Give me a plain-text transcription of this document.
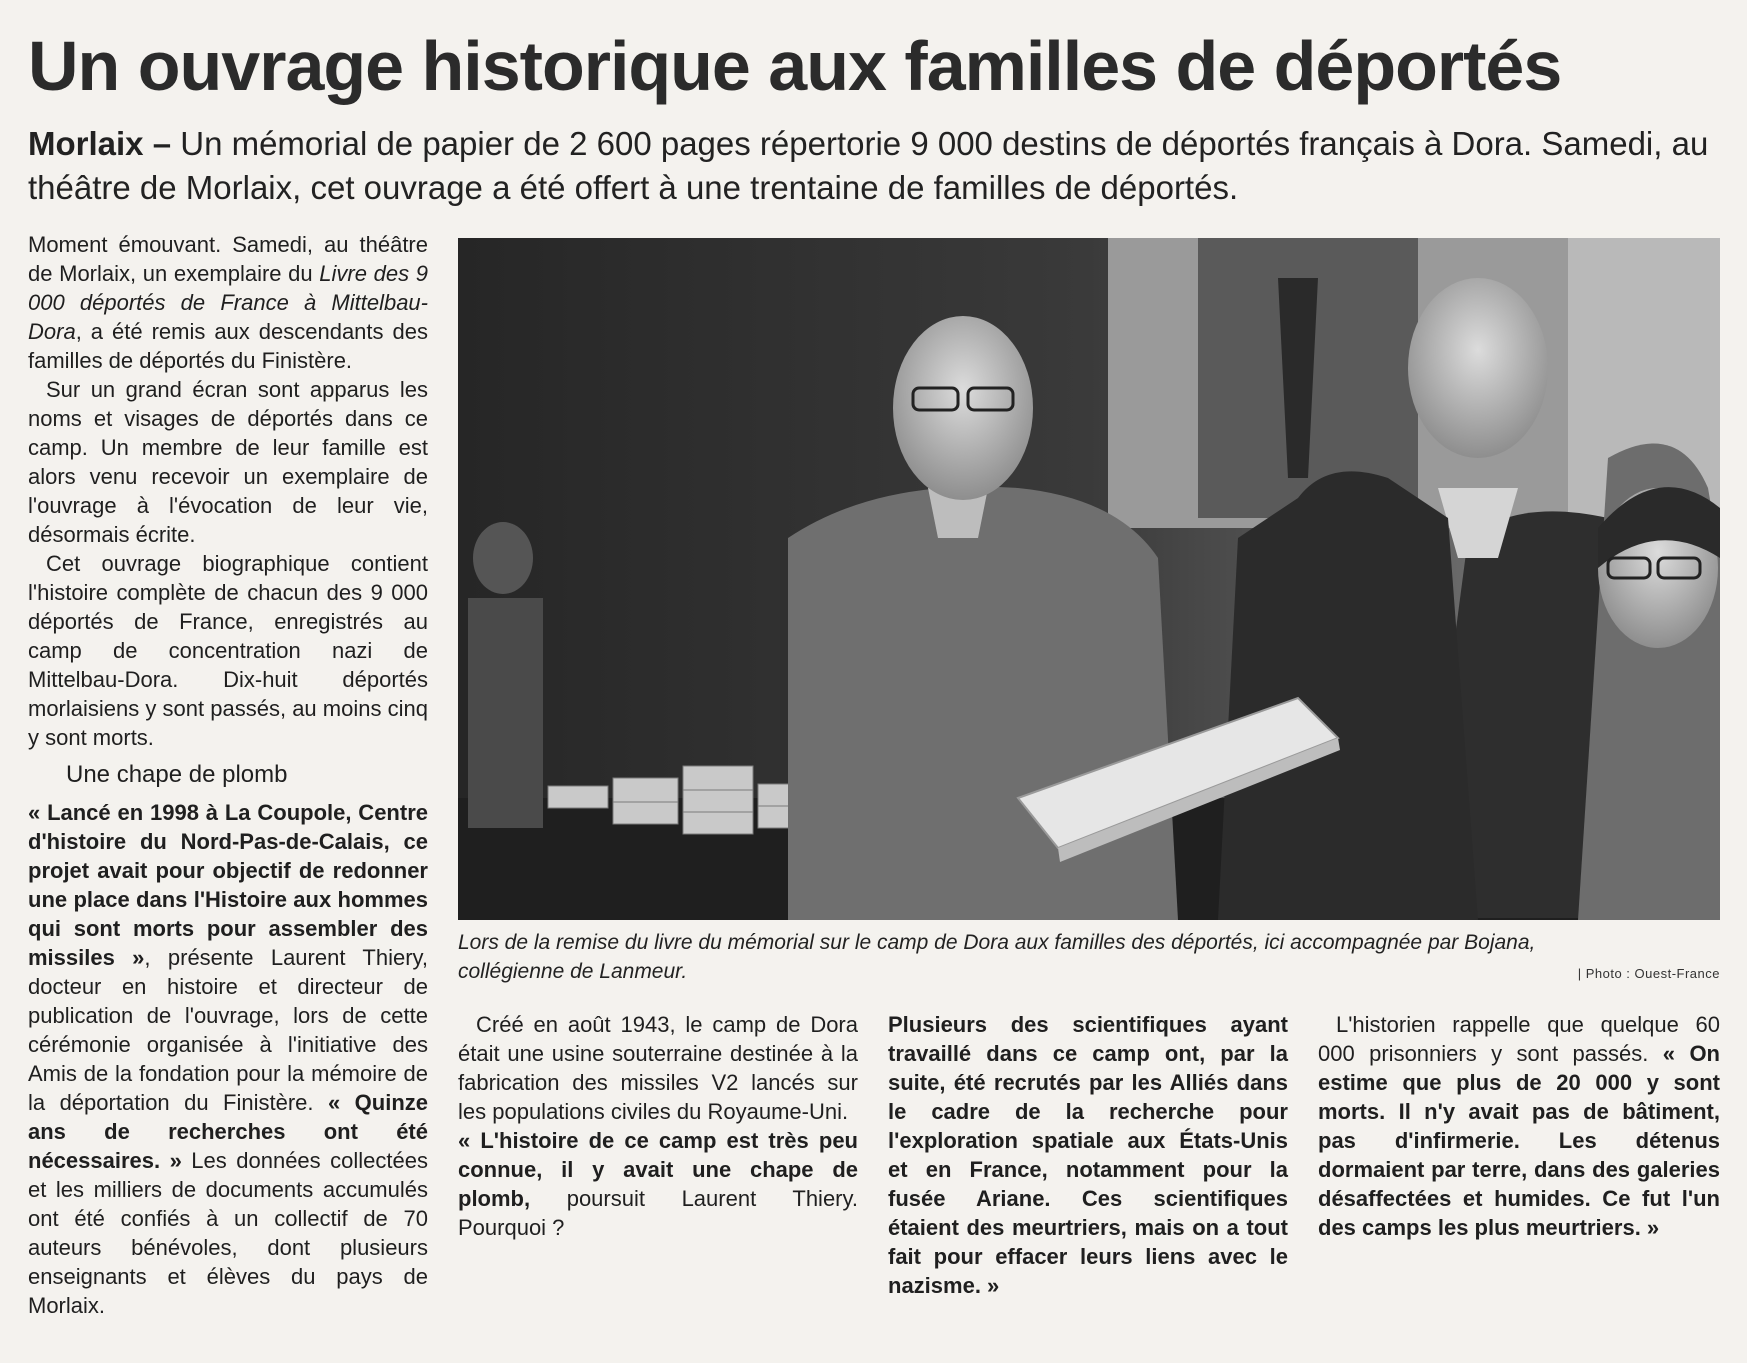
Un ouvrage historique aux familles de déportés

Morlaix – Un mémorial de papier de 2 600 pages répertorie 9 000 destins de déportés français à Dora. Samedi, au théâtre de Morlaix, cet ouvrage a été offert à une trentaine de familles de déportés.

Moment émouvant. Samedi, au théâtre de Morlaix, un exemplaire du Livre des 9 000 déportés de France à Mittelbau-Dora, a été remis aux descendants des familles de déportés du Finistère.

Sur un grand écran sont apparus les noms et visages de déportés dans ce camp. Un membre de leur famille est alors venu recevoir un exemplaire de l'ouvrage à l'évocation de leur vie, désormais écrite.

Cet ouvrage biographique contient l'histoire complète de chacun des 9 000 déportés de France, enregistrés au camp de concentration nazi de Mittelbau-Dora. Dix-huit déportés morlaisiens y sont passés, au moins cinq y sont morts.

Une chape de plomb

« Lancé en 1998 à La Coupole, Centre d'histoire du Nord-Pas-de-Calais, ce projet avait pour objectif de redonner une place dans l'Histoire aux hommes qui sont morts pour assembler des missiles », présente Laurent Thiery, docteur en histoire et directeur de publication de l'ouvrage, lors de cette cérémonie organisée à l'initiative des Amis de la fondation pour la mémoire de la déportation du Finistère. « Quinze ans de recherches ont été nécessaires. » Les données collectées et les milliers de documents accumulés ont été confiés à un collectif de 70 auteurs bénévoles, dont plusieurs enseignants et élèves du pays de Morlaix.

Lors de la remise du livre du mémorial sur le camp de Dora aux familles des déportés, ici accompagnée par Bojana, collégienne de Lanmeur.
|	Photo : Ouest-France

Créé en août 1943, le camp de Dora était une usine souterraine destinée à la fabrication des missiles V2 lancés sur les populations civiles du Royaume-Uni.

« L'histoire de ce camp est très peu connue, il y avait une chape de plomb, poursuit Laurent Thiery. Pourquoi ?

Plusieurs des scientifiques ayant travaillé dans ce camp ont, par la suite, été recrutés par les Alliés dans le cadre de la recherche pour l'exploration spatiale aux États-Unis et en France, notamment pour la fusée Ariane. Ces scientifiques étaient des meurtriers, mais on a tout fait pour effacer leurs liens avec le nazisme. »

L'historien rappelle que quelque 60 000 prisonniers y sont passés. « On estime que plus de 20 000 y sont morts. Il n'y avait pas de bâtiment, pas d'infirmerie. Les détenus dormaient par terre, dans des galeries désaffectées et humides. Ce fut l'un des camps les plus meurtriers. »
